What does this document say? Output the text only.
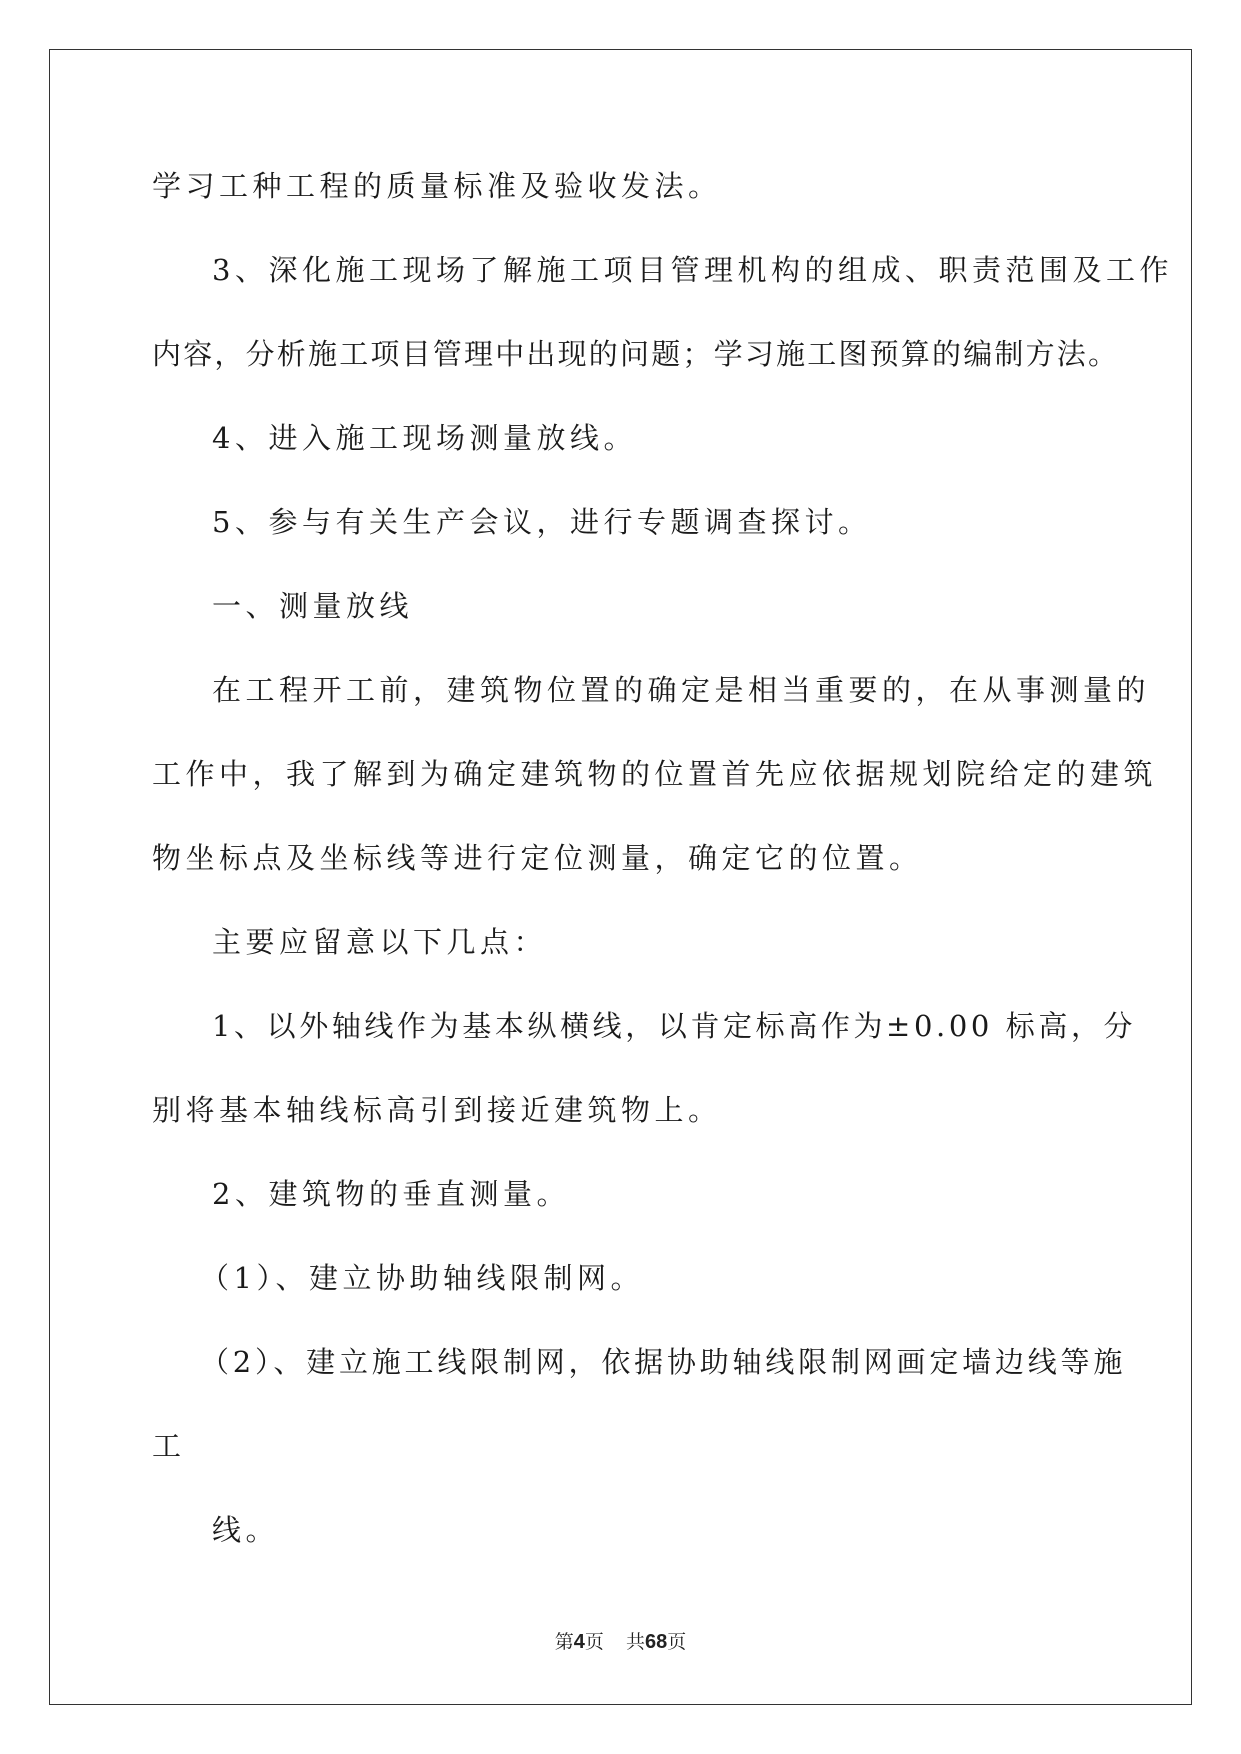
学习工种工程的质量标准及验收发法。
3、深化施工现场了解施工项目管理机构的组成、职责范围及工作
内容，分析施工项目管理中出现的问题；学习施工图预算的编制方法。
4、进入施工现场测量放线。
5、参与有关生产会议，进行专题调查探讨。
一、测量放线
在工程开工前，建筑物位置的确定是相当重要的，在从事测量的
工作中，我了解到为确定建筑物的位置首先应依据规划院给定的建筑
物坐标点及坐标线等进行定位测量，确定它的位置。
主要应留意以下几点：
1、以外轴线作为基本纵横线，以肯定标高作为±0.00 标高，分
别将基本轴线标高引到接近建筑物上。
2、建筑物的垂直测量。
（1）、建立协助轴线限制网。
（2）、建立施工线限制网，依据协助轴线限制网画定墙边线等施
工
线。
第4页 共68页
